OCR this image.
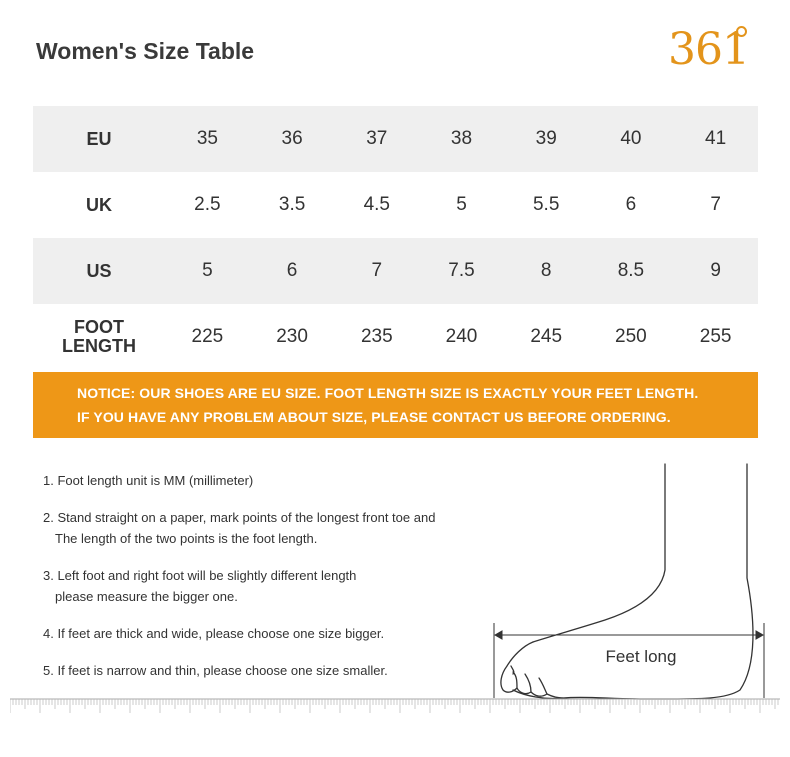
Women's Size Table	361
EU	35	36	37	38	39	40	41

UK	2.5	3.5	4.5	5	5.5	6	7

US	5	6	7	7.5	8	8.5	9

FOOT
LENGTH	225	230	235	240	245	250	255
NOTICE: OUR SHOES ARE EU SIZE. FOOT LENGTH SIZE IS EXACTLY YOUR FEET LENGTH.
IF YOU HAVE ANY PROBLEM ABOUT SIZE, PLEASE CONTACT US BEFORE ORDERING.
1. Foot length unit is MM (millimeter)
2. Stand straight on a paper, mark points of the longest front toe and
The length of the two points is the foot length.
3. Left foot and right foot will be slightly different length
please measure the bigger one.
4. If feet are thick and wide, please choose one size bigger.
5. If feet is narrow and thin, please choose one size smaller.
Feet long
